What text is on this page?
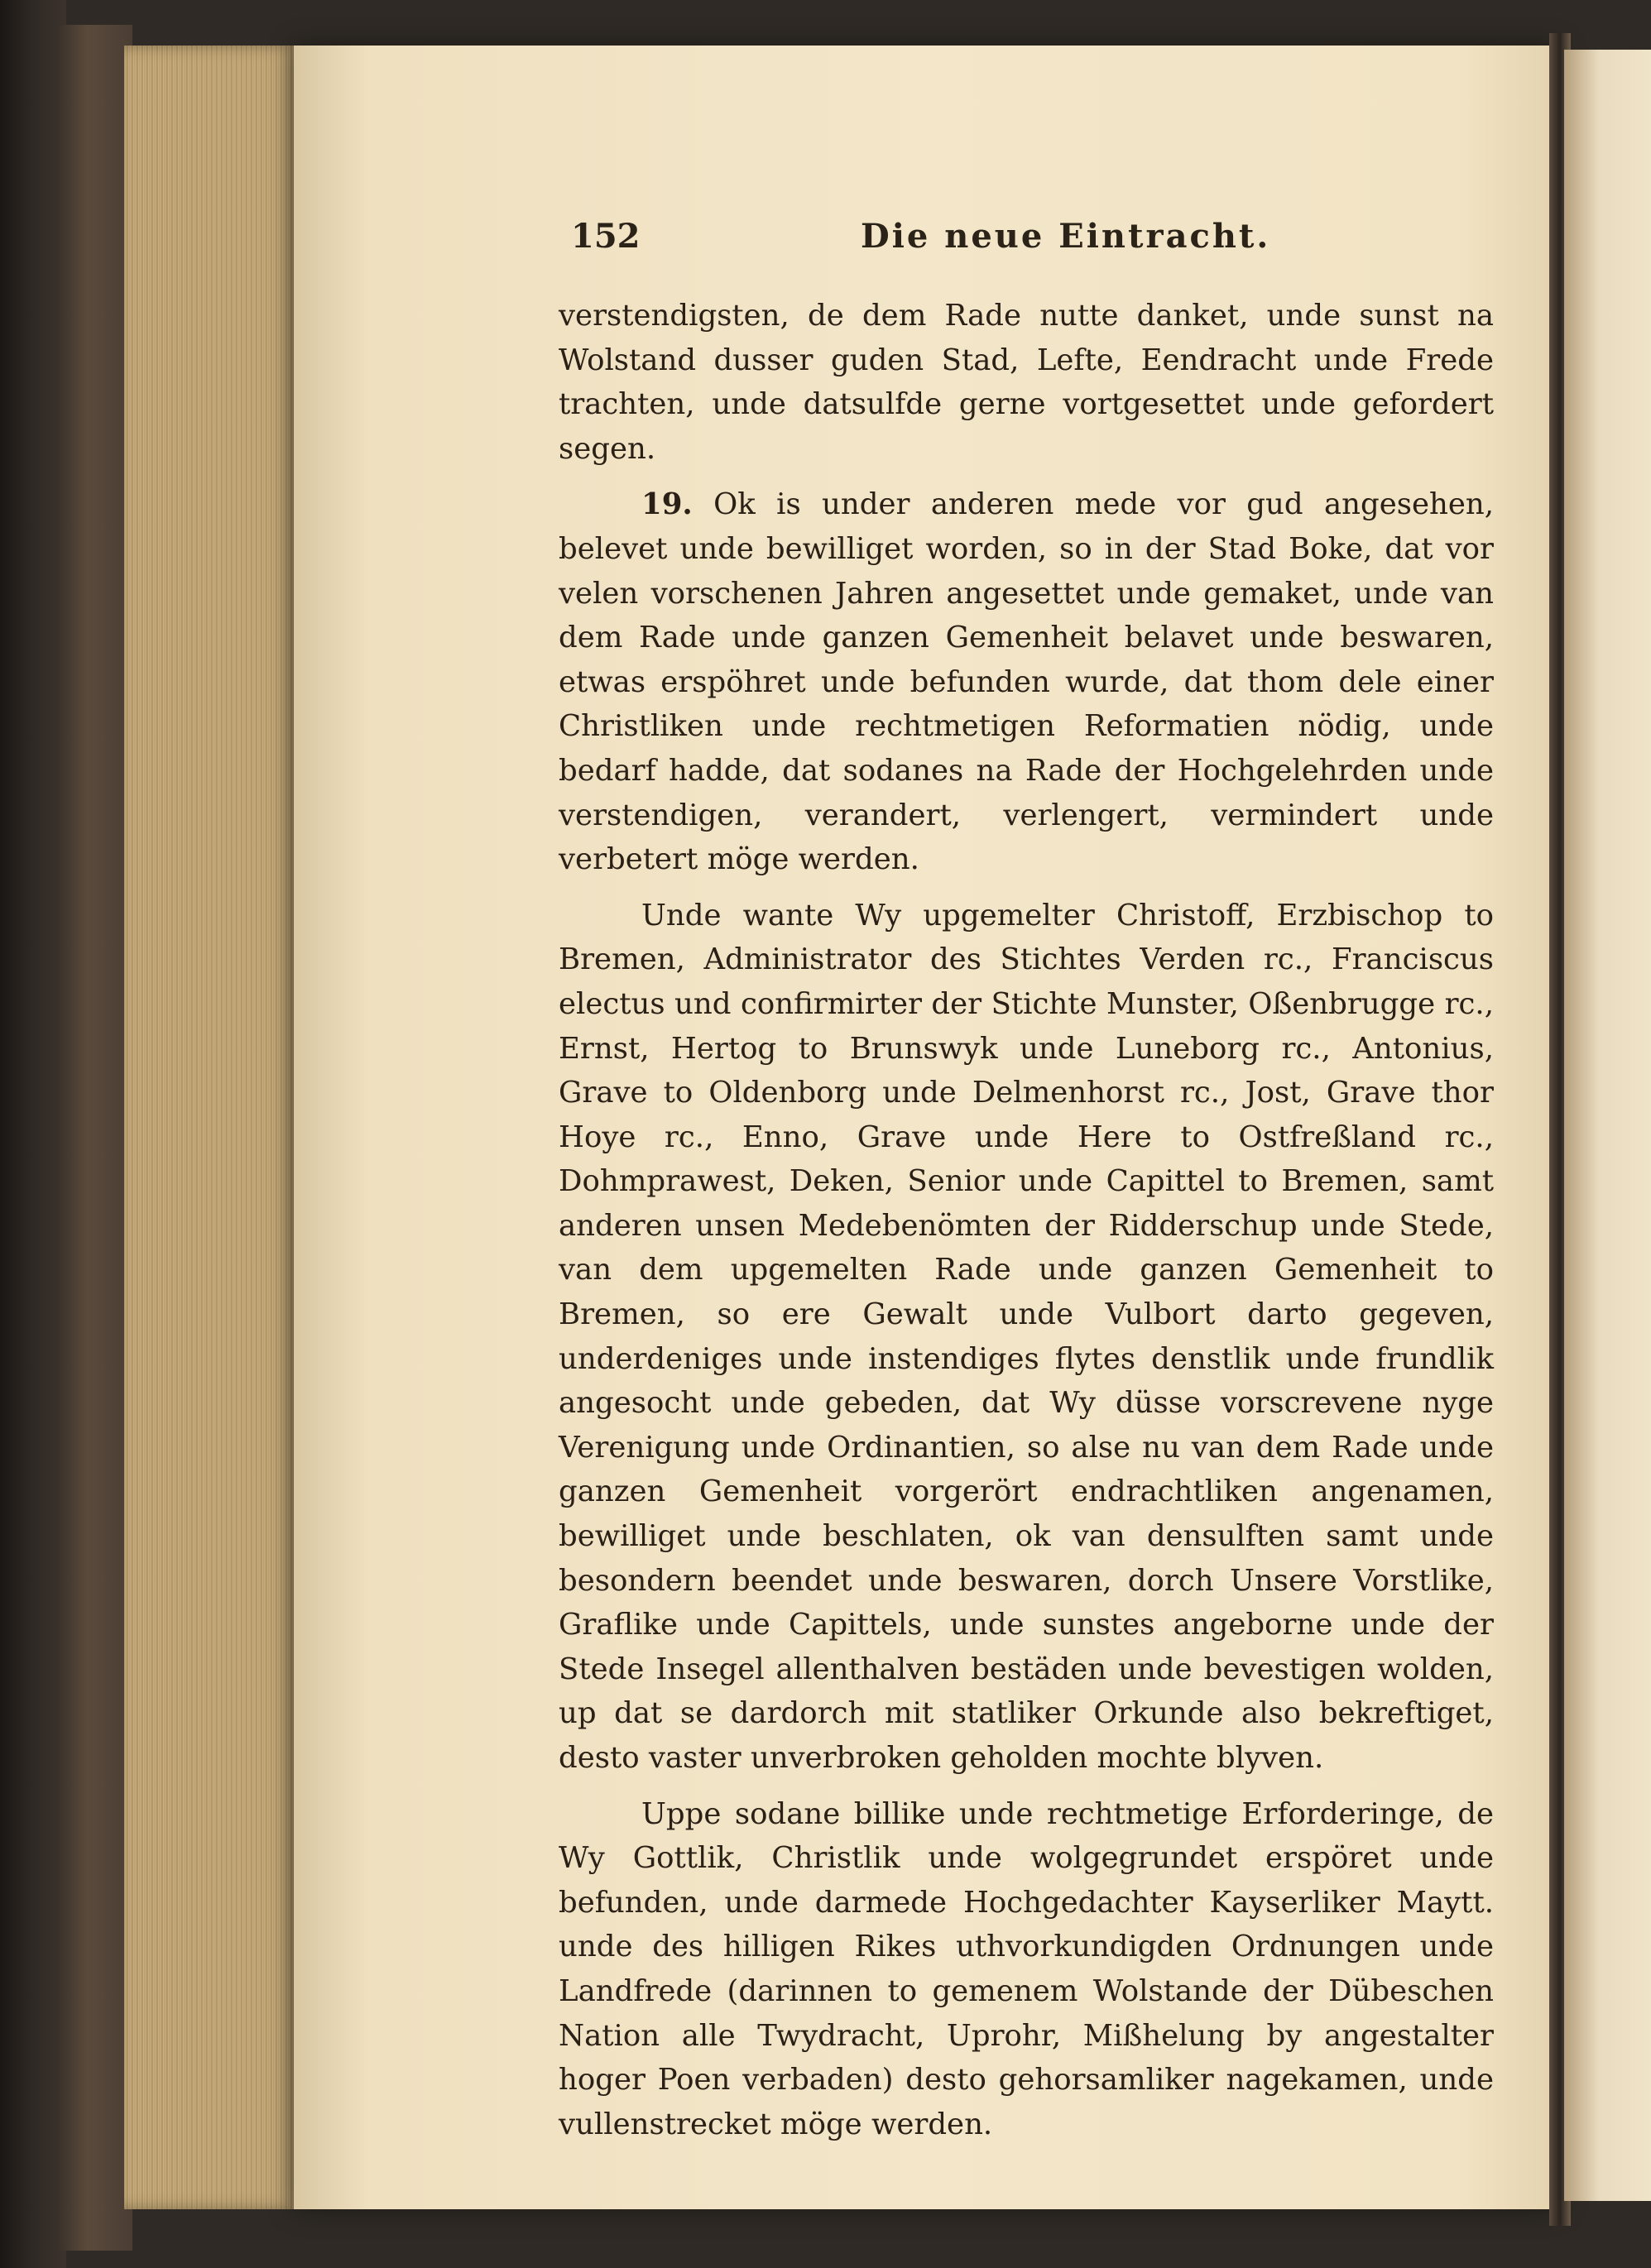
152	Die neue Eintracht.

verstendigsten, de dem Rade nutte danket, unde sunst na Wolstand dusser guden Stad, Lefte, Eendracht unde Frede trachten, unde datsulfde gerne vortgesettet unde gefordert segen.

19. Ok is under anderen mede vor gud angesehen, belevet unde bewilliget worden, so in der Stad Boke, dat vor velen vorschenen Jahren angesettet unde gemaket, unde van dem Rade unde ganzen Gemenheit belavet unde beswaren, etwas erspöhret unde befunden wurde, dat thom dele einer Christliken unde rechtmetigen Reformatien nödig, unde bedarf hadde, dat sodanes na Rade der Hochgelehrden unde verstendigen, verandert, verlengert, vermindert unde verbetert möge werden.

Unde wante Wy upgemelter Christoff, Erzbischop to Bremen, Administrator des Stichtes Verden rc., Franciscus electus und confirmirter der Stichte Munster, Oßenbrugge rc., Ernst, Hertog to Brunswyk unde Luneborg rc., Antonius, Grave to Oldenborg unde Delmenhorst rc., Jost, Grave thor Hoye rc., Enno, Grave unde Here to Ostfreßland rc., Dohmprawest, Deken, Senior unde Capittel to Bremen, samt anderen unsen Medebenömten der Ridderschup unde Stede, van dem upgemelten Rade unde ganzen Gemenheit to Bremen, so ere Gewalt unde Vulbort darto gegeven, underdeniges unde instendiges flytes denstlik unde frundlik angesocht unde gebeden, dat Wy düsse vorscrevene nyge Verenigung unde Ordinantien, so alse nu van dem Rade unde ganzen Gemenheit vorgerört endrachtliken angenamen, bewilliget unde beschlaten, ok van densulften samt unde besondern beendet unde beswaren, dorch Unsere Vorstlike, Graflike unde Capittels, unde sunstes angeborne unde der Stede Insegel allenthalven bestäden unde bevestigen wolden, up dat se dardorch mit statliker Orkunde also bekreftiget, desto vaster unverbroken geholden mochte blyven.

Uppe sodane billike unde rechtmetige Erforderinge, de Wy Gottlik, Christlik unde wolgegrundet erspöret unde befunden, unde darmede Hochgedachter Kayserliker Maytt. unde des hilligen Rikes uthvorkundigden Ordnungen unde Landfrede (darinnen to gemenem Wolstande der Dübeschen Nation alle Twydracht, Uprohr, Mißhelung by angestalter hoger Poen verbaden) desto gehorsamliker nagekamen, unde vullenstrecket möge werden.
